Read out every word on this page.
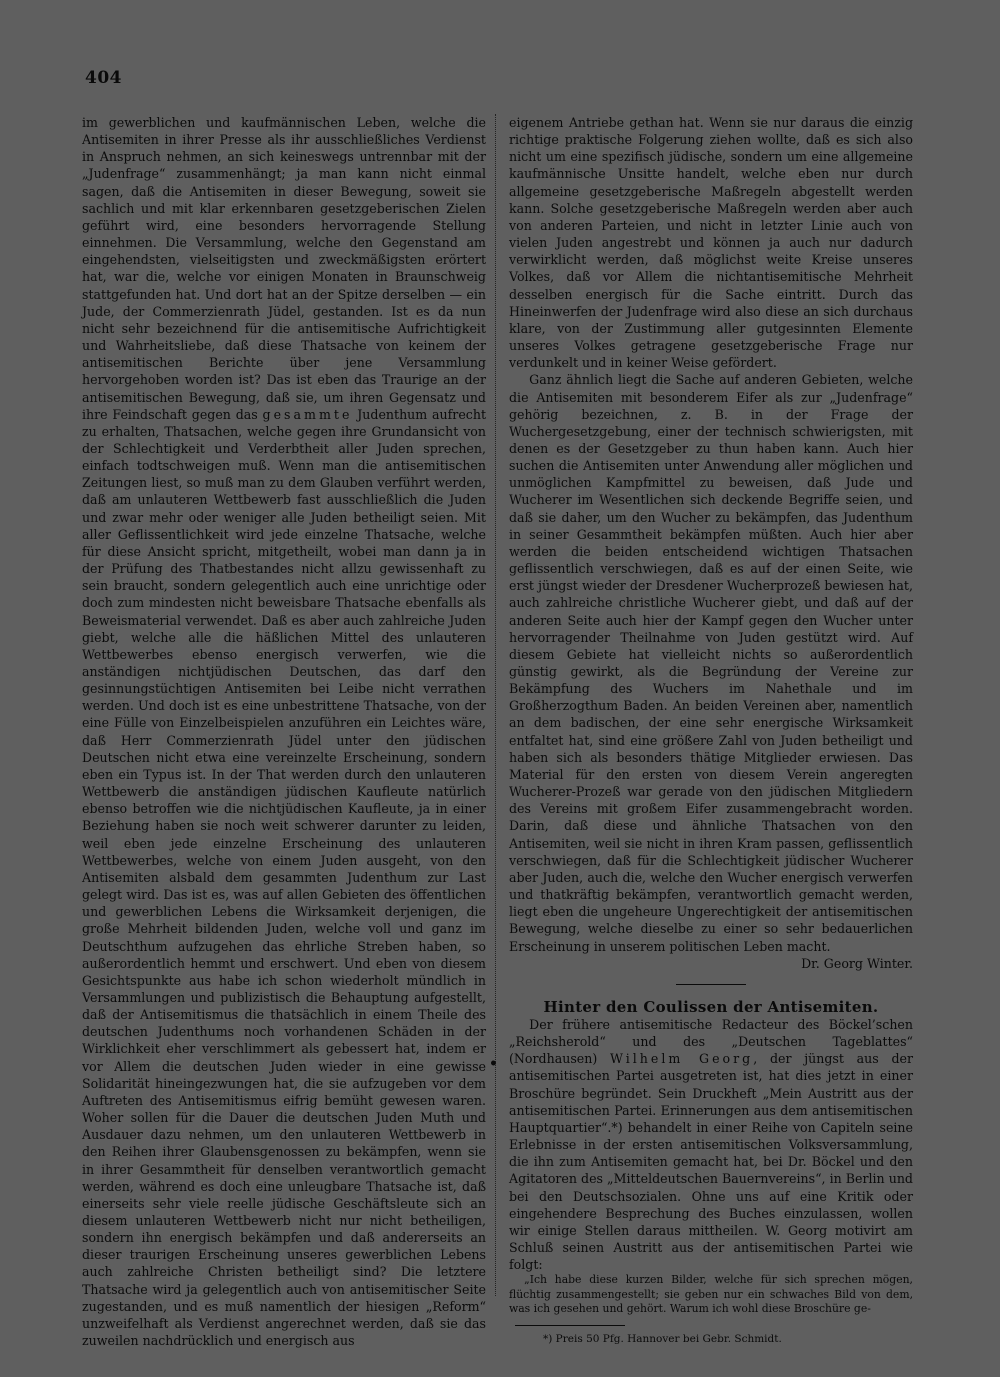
404
•

im gewerblichen und kaufmännischen Leben, welche die Antisemiten in ihrer Presse als ihr ausschließliches Verdienst in Anspruch nehmen, an sich keineswegs untrennbar mit der „Judenfrage“ zusammenhängt; ja man kann nicht einmal sagen, daß die Antisemiten in dieser Bewegung, soweit sie sachlich und mit klar erkennbaren gesetzgeberischen Zielen geführt wird, eine besonders hervorragende Stellung einnehmen. Die Versammlung, welche den Gegenstand am eingehendsten, vielseitigsten und zweckmäßigsten erörtert hat, war die, welche vor einigen Monaten in Braunschweig stattgefunden hat. Und dort hat an der Spitze derselben — ein Jude, der Commerzienrath Jüdel, gestanden. Ist es da nun nicht sehr bezeichnend für die antisemitische Aufrichtigkeit und Wahrheitsliebe, daß diese Thatsache von keinem der antisemitischen Berichte über jene Versammlung hervorgehoben worden ist? Das ist eben das Traurige an der antisemitischen Bewegung, daß sie, um ihren Gegensatz und ihre Feindschaft gegen das gesammte Judenthum aufrecht zu erhalten, Thatsachen, welche gegen ihre Grundansicht von der Schlechtigkeit und Verderbtheit aller Juden sprechen, einfach todtschweigen muß. Wenn man die antisemitischen Zeitungen liest, so muß man zu dem Glauben verführt werden, daß am unlauteren Wettbewerb fast ausschließlich die Juden und zwar mehr oder weniger alle Juden betheiligt seien. Mit aller Geflissentlichkeit wird jede einzelne Thatsache, welche für diese Ansicht spricht, mitgetheilt, wobei man dann ja in der Prüfung des Thatbestandes nicht allzu gewissenhaft zu sein braucht, sondern gelegentlich auch eine unrichtige oder doch zum mindesten nicht beweisbare Thatsache ebenfalls als Beweismaterial verwendet. Daß es aber auch zahlreiche Juden giebt, welche alle die häßlichen Mittel des unlauteren Wettbewerbes ebenso energisch verwerfen, wie die anständigen nichtjüdischen Deutschen, das darf den gesinnungstüchtigen Antisemiten bei Leibe nicht verrathen werden. Und doch ist es eine unbestrittene Thatsache, von der eine Fülle von Einzelbeispielen anzuführen ein Leichtes wäre, daß Herr Commerzienrath Jüdel unter den jüdischen Deutschen nicht etwa eine vereinzelte Erscheinung, sondern eben ein Typus ist. In der That werden durch den unlauteren Wettbewerb die anständigen jüdischen Kaufleute natürlich ebenso betroffen wie die nichtjüdischen Kaufleute, ja in einer Beziehung haben sie noch weit schwerer darunter zu leiden, weil eben jede einzelne Erscheinung des unlauteren Wettbewerbes, welche von einem Juden ausgeht, von den Antisemiten alsbald dem gesammten Judenthum zur Last gelegt wird. Das ist es, was auf allen Gebieten des öffentlichen und gewerblichen Lebens die Wirksamkeit derjenigen, die große Mehrheit bildenden Juden, welche voll und ganz im Deutschthum aufzugehen das ehrliche Streben haben, so außerordentlich hemmt und erschwert. Und eben von diesem Gesichtspunkte aus habe ich schon wiederholt mündlich in Versammlungen und publizistisch die Behauptung aufgestellt, daß der Antisemitismus die thatsächlich in einem Theile des deutschen Judenthums noch vorhandenen Schäden in der Wirklichkeit eher verschlimmert als gebessert hat, indem er vor Allem die deutschen Juden wieder in eine gewisse Solidarität hineingezwungen hat, die sie aufzugeben vor dem Auftreten des Antisemitismus eifrig bemüht gewesen waren. Woher sollen für die Dauer die deutschen Juden Muth und Ausdauer dazu nehmen, um den unlauteren Wettbewerb in den Reihen ihrer Glaubensgenossen zu bekämpfen, wenn sie in ihrer Gesammtheit für denselben verantwortlich gemacht werden, während es doch eine unleugbare Thatsache ist, daß einerseits sehr viele reelle jüdische Geschäftsleute sich an diesem unlauteren Wettbewerb nicht nur nicht betheiligen, sondern ihn energisch bekämpfen und daß andererseits an dieser traurigen Erscheinung unseres gewerblichen Lebens auch zahlreiche Christen betheiligt sind? Die letztere Thatsache wird ja gelegentlich auch von antisemitischer Seite zugestanden, und es muß namentlich der hiesigen „Reform“ unzweifelhaft als Verdienst angerechnet werden, daß sie das zuweilen nachdrücklich und energisch aus

eigenem Antriebe gethan hat. Wenn sie nur daraus die einzig richtige praktische Folgerung ziehen wollte, daß es sich also nicht um eine spezifisch jüdische, sondern um eine allgemeine kaufmännische Unsitte handelt, welche eben nur durch allgemeine gesetzgeberische Maßregeln abgestellt werden kann. Solche gesetzgeberische Maßregeln werden aber auch von anderen Parteien, und nicht in letzter Linie auch von vielen Juden angestrebt und können ja auch nur dadurch verwirklicht werden, daß möglichst weite Kreise unseres Volkes, daß vor Allem die nichtantisemitische Mehrheit desselben energisch für die Sache eintritt. Durch das Hineinwerfen der Judenfrage wird also diese an sich durchaus klare, von der Zustimmung aller gutgesinnten Elemente unseres Volkes getragene gesetzgeberische Frage nur verdunkelt und in keiner Weise gefördert.

Ganz ähnlich liegt die Sache auf anderen Gebieten, welche die Antisemiten mit besonderem Eifer als zur „Judenfrage“ gehörig bezeichnen, z. B. in der Frage der Wuchergesetzgebung, einer der technisch schwierigsten, mit denen es der Gesetzgeber zu thun haben kann. Auch hier suchen die Antisemiten unter Anwendung aller möglichen und unmöglichen Kampfmittel zu beweisen, daß Jude und Wucherer im Wesentlichen sich deckende Begriffe seien, und daß sie daher, um den Wucher zu bekämpfen, das Judenthum in seiner Gesammtheit bekämpfen müßten. Auch hier aber werden die beiden entscheidend wichtigen Thatsachen geflissentlich verschwiegen, daß es auf der einen Seite, wie erst jüngst wieder der Dresdener Wucherprozeß bewiesen hat, auch zahlreiche christliche Wucherer giebt, und daß auf der anderen Seite auch hier der Kampf gegen den Wucher unter hervorragender Theilnahme von Juden gestützt wird. Auf diesem Gebiete hat vielleicht nichts so außerordentlich günstig gewirkt, als die Begründung der Vereine zur Bekämpfung des Wuchers im Nahethale und im Großherzogthum Baden. An beiden Vereinen aber, namentlich an dem badischen, der eine sehr energische Wirksamkeit entfaltet hat, sind eine größere Zahl von Juden betheiligt und haben sich als besonders thätige Mitglieder erwiesen. Das Material für den ersten von diesem Verein angeregten Wucherer-Prozeß war gerade von den jüdischen Mitgliedern des Vereins mit großem Eifer zusammengebracht worden. Darin, daß diese und ähnliche Thatsachen von den Antisemiten, weil sie nicht in ihren Kram passen, geflissentlich verschwiegen, daß für die Schlechtigkeit jüdischer Wucherer aber Juden, auch die, welche den Wucher energisch verwerfen und thatkräftig bekämpfen, verantwortlich gemacht werden, liegt eben die ungeheure Ungerechtigkeit der antisemitischen Bewegung, welche dieselbe zu einer so sehr bedauerlichen Erscheinung in unserem politischen Leben macht.

Dr. Georg Winter.

Hinter den Coulissen der Antisemiten.

Der frühere antisemitische Redacteur des Böckel’schen „Reichsherold“ und des „Deutschen Tageblattes“ (Nordhausen) Wilhelm Georg, der jüngst aus der antisemitischen Partei ausgetreten ist, hat dies jetzt in einer Broschüre begründet. Sein Druckheft „Mein Austritt aus der antisemitischen Partei. Erinnerungen aus dem antisemitischen Hauptquartier“.*) behandelt in einer Reihe von Capiteln seine Erlebnisse in der ersten antisemitischen Volksversammlung, die ihn zum Antisemiten gemacht hat, bei Dr. Böckel und den Agitatoren des „Mitteldeutschen Bauernvereins“, in Berlin und bei den Deutschsozialen. Ohne uns auf eine Kritik oder eingehendere Besprechung des Buches einzulassen, wollen wir einige Stellen daraus mittheilen. W. Georg motivirt am Schluß seinen Austritt aus der antisemitischen Partei wie folgt:

„Ich habe diese kurzen Bilder, welche für sich sprechen mögen, flüchtig zusammengestellt; sie geben nur ein schwaches Bild von dem, was ich gesehen und gehört. Warum ich wohl diese Broschüre ge-

*) Preis 50 Pfg. Hannover bei Gebr. Schmidt.
